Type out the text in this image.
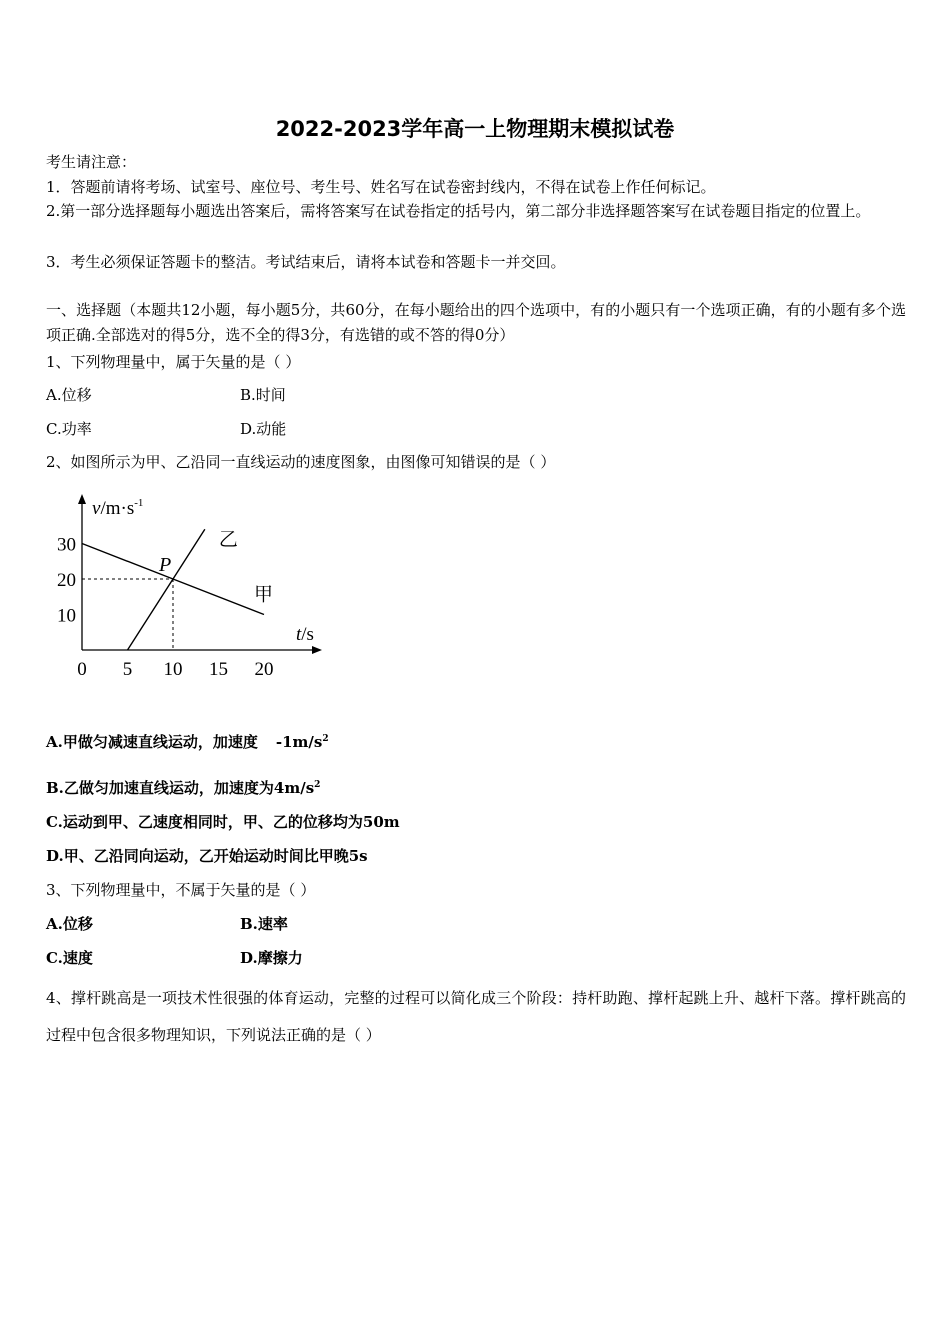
2022-2023学年高一上物理期末模拟试卷
考生请注意：
1．答题前请将考场、试室号、座位号、考生号、姓名写在试卷密封线内，不得在试卷上作任何标记。
2.第一部分选择题每小题选出答案后，需将答案写在试卷指定的括号内，第二部分非选择题答案写在试卷题目指定的位置上。
3．考生必须保证答题卡的整洁。考试结束后，请将本试卷和答题卡一并交回。
一、选择题（本题共12小题，每小题5分，共60分，在每小题给出的四个选项中，有的小题只有一个选项正确，有的小题有多个选项正确.全部选对的得5分，选不全的得3分，有选错的或不答的得0分）
1、下列物理量中，属于矢量的是（ ）
A.位移	B.时间
C.功率	D.动能
2、如图所示为甲、乙沿同一直线运动的速度图象，由图像可知错误的是（ ）
$v/m\cdot s^{-1}$
t/s
0 5 10 15 20
10
20
30
甲
乙
P
A.甲做匀减速直线运动，加速度 $-1m/s^2$
B.乙做匀加速直线运动，加速度为$4m/s^2$
C.运动到甲、乙速度相同时，甲、乙的位移均为50m
D.甲、乙沿同向运动，乙开始运动时间比甲晚5s
3、下列物理量中，不属于矢量的是（ ）
A.位移	B.速率
C.速度	D.摩擦力
4、撑杆跳高是一项技术性很强的体育运动，完整的过程可以简化成三个阶段：持杆助跑、撑杆起跳上升、越杆下落。撑杆跳高的过程中包含很多物理知识，下列说法正确的是（ ）
